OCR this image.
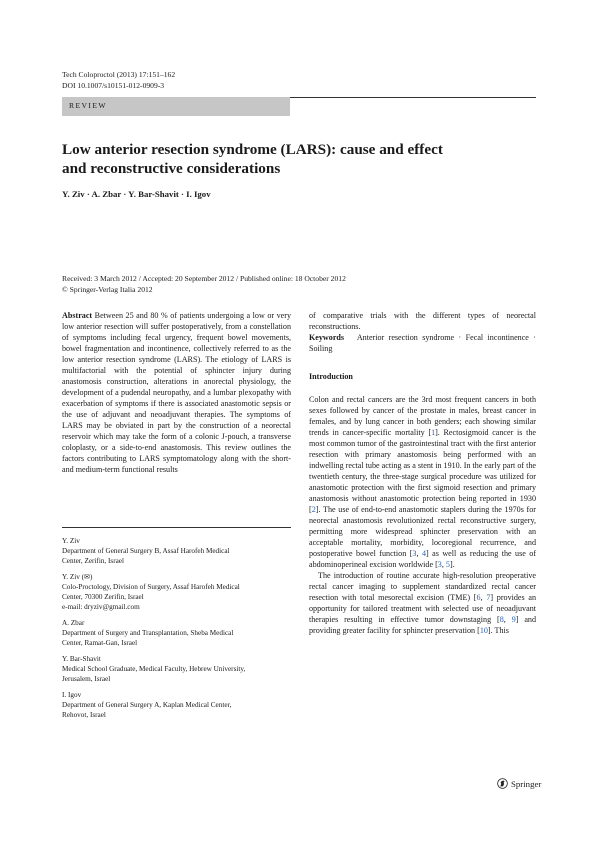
Tech Coloproctol (2013) 17:151–162
DOI 10.1007/s10151-012-0909-3
REVIEW
Low anterior resection syndrome (LARS): cause and effect
and reconstructive considerations
Y. Ziv · A. Zbar · Y. Bar-Shavit · I. Igov
Received: 3 March 2012 / Accepted: 20 September 2012 / Published online: 18 October 2012
© Springer-Verlag Italia 2012

Abstract Between 25 and 80 % of patients undergoing a low or very low anterior resection will suffer postoperatively, from a constellation of symptoms including fecal urgency, frequent bowel movements, bowel fragmentation and incontinence, collectively referred to as the low anterior resection syndrome (LARS). The etiology of LARS is multifactorial with the potential of sphincter injury during anastomosis construction, alterations in anorectal physiology, the development of a pudendal neuropathy, and a lumbar plexopathy with exacerbation of symptoms if there is associated anastomotic sepsis or the use of adjuvant and neoadjuvant therapies. The symptoms of LARS may be obviated in part by the construction of a neorectal reservoir which may take the form of a colonic J-pouch, a transverse coloplasty, or a side-to-end anastomosis. This review outlines the factors contributing to LARS symptomatology along with the short- and medium-term functional results

Y. Ziv
Department of General Surgery B, Assaf Harofeh Medical
Center, Zerifin, Israel
Y. Ziv (✉)
Colo-Proctology, Division of Surgery, Assaf Harofeh Medical
Center, 70300 Zerifin, Israel
e-mail: dryziv@gmail.com
A. Zbar
Department of Surgery and Transplantation, Sheba Medical
Center, Ramat-Gan, Israel
Y. Bar-Shavit
Medical School Graduate, Medical Faculty, Hebrew University,
Jerusalem, Israel
I. Igov
Department of General Surgery A, Kaplan Medical Center,
Rehovot, Israel

of comparative trials with the different types of neorectal reconstructions.

Keywords Anterior resection syndrome · Fecal incontinence · Soiling

Introduction

Colon and rectal cancers are the 3rd most frequent cancers in both sexes followed by cancer of the prostate in males, breast cancer in females, and by lung cancer in both genders; each showing similar trends in cancer-specific mortality [1]. Rectosigmoid cancer is the most common tumor of the gastrointestinal tract with the first anterior resection with primary anastomosis being performed with an indwelling rectal tube acting as a stent in 1910. In the early part of the twentieth century, the three-stage surgical procedure was utilized for anastomotic protection with the first sigmoid resection and primary anastomosis without anastomotic protection being reported in 1930 [2]. The use of end-to-end anastomotic staplers during the 1970s for neorectal anastomosis revolutionized rectal reconstructive surgery, permitting more widespread sphincter preservation with an acceptable mortality, morbidity, locoregional recurrence, and postoperative bowel function [3, 4] as well as reducing the use of abdominoperineal excision worldwide [3, 5].

The introduction of routine accurate high-resolution preoperative rectal cancer imaging to supplement standardized rectal cancer resection with total mesorectal excision (TME) [6, 7] provides an opportunity for tailored treatment with selected use of neoadjuvant therapies resulting in effective tumor downstaging [8, 9] and providing greater facility for sphincter preservation [10]. This

Springer
